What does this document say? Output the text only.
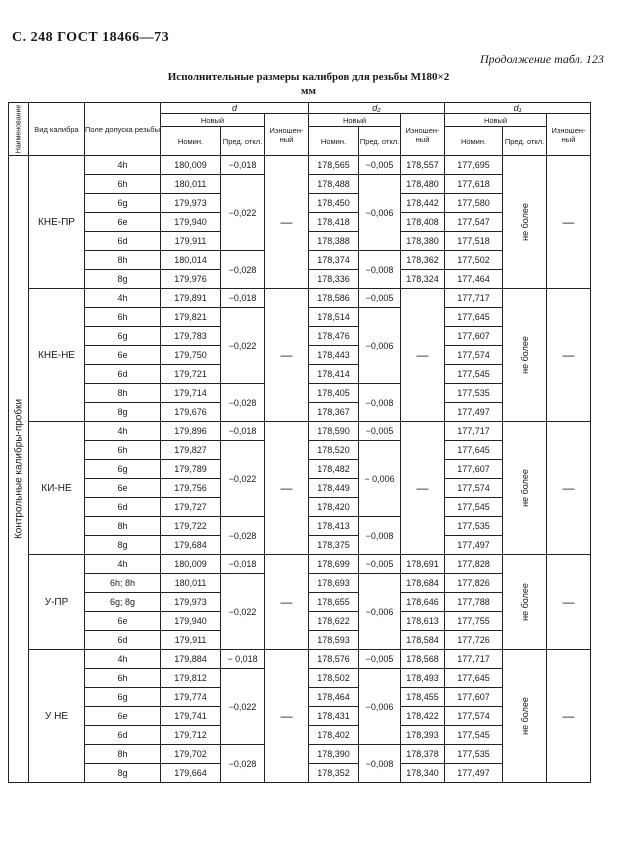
С. 248 ГОСТ 18466—73
Продолжение табл. 123
Исполнительные размеры калибров для резьбы М180×2
мм
Наименование	Вид калибра	Поле допуска резьбы	d			d₂			d₁		
			Новый		Изношен-ный	Новый		Изношен-ный	Новый		Изношен-ный
			Номин.	Пред. откл.		Номин.	Пред. откл.		Номин.	Пред. откл.	

Контрольные калибры-пробки	КНЕ-ПР	4h	180,009	−0,018	—	178,565	−0,005	178,557	177,695	не более	—
		6h	180,011	−0,022		178,488	−0,006	178,480	177,618		
		6g	179,973			178,450		178,442	177,580		
		6e	179,940			178,418		178,408	177,547		
		6d	179,911			178,388		178,380	177,518		
		8h	180,014	−0,028		178,374	−0,008	178,362	177,502		
		8g	179,976			178,336		178,324	177,464		
	КНЕ-НЕ	4h	179,891	−0,018	—	178,586	−0,005	—	177,717	не более	—
		6h	179,821	−0,022		178,514	−0,006		177,645		
		6g	179,783			178,476			177,607		
		6e	179,750			178,443			177,574		
		6d	179,721			178,414			177,545		
		8h	179,714	−0,028		178,405	−0,008		177,535		
		8g	179,676			178,367			177,497		
	КИ-НЕ	4h	179,896	−0,018	—	178,590	−0,005	—	177,717	не более	—
		6h	179,827	−0,022		178,520	− 0,006		177,645		
		6g	179,789			178,482			177,607		
		6e	179,756			178,449			177,574		
		6d	179,727			178,420			177,545		
		8h	179,722	−0,028		178,413	−0,008		177,535		
		8g	179,684			178,375			177,497		
	У-ПР	4h	180,009	−0,018	—	178,699	−0,005	178,691	177,828	не более	—
		6h; 8h	180,011	−0,022		178,693	−0,006	178,684	177,826		
		6g; 8g	179,973			178,655		178,646	177,788		
		6e	179,940			178,622		178,613	177,755		
		6d	179,911			178,593		178,584	177,726		
	У НЕ	4h	179,884	− 0,018	—	178,576	−0,005	178,568	177,717	не более	—
		6h	179,812	−0,022		178,502	−0,006	178,493	177,645		
		6g	179,774			178,464		178,455	177,607		
		6e	179,741			178,431		178,422	177,574		
		6d	179,712			178,402		178,393	177,545		
		8h	179,702	−0,028		178,390	−0,008	178,378	177,535		
		8g	179,664			178,352		178,340	177,497		
